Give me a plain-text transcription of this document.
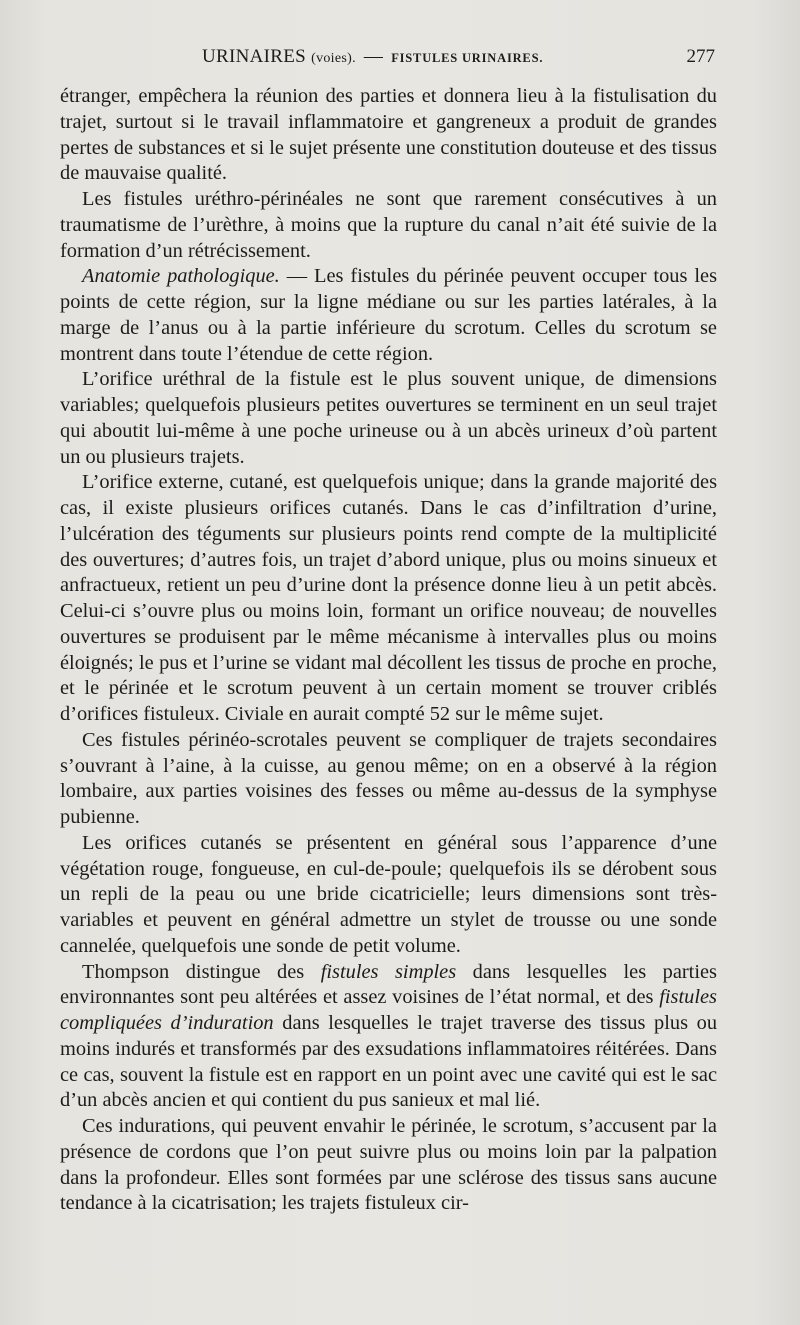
URINAIRES (voies). — FISTULES URINAIRES.	277

étranger, empêchera la réunion des parties et donnera lieu à la fistulisation du trajet, surtout si le travail inflammatoire et gangreneux a produit de grandes pertes de substances et si le sujet présente une constitution douteuse et des tissus de mauvaise qualité.

Les fistules uréthro-périnéales ne sont que rarement consécutives à un traumatisme de l’urèthre, à moins que la rupture du canal n’ait été suivie de la formation d’un rétrécissement.

Anatomie pathologique. — Les fistules du périnée peuvent occuper tous les points de cette région, sur la ligne médiane ou sur les parties latérales, à la marge de l’anus ou à la partie inférieure du scrotum. Celles du scrotum se montrent dans toute l’étendue de cette région.

L’orifice uréthral de la fistule est le plus souvent unique, de dimensions variables; quelquefois plusieurs petites ouvertures se terminent en un seul trajet qui aboutit lui-même à une poche urineuse ou à un abcès urineux d’où partent un ou plusieurs trajets.

L’orifice externe, cutané, est quelquefois unique; dans la grande majorité des cas, il existe plusieurs orifices cutanés. Dans le cas d’infiltration d’urine, l’ulcération des téguments sur plusieurs points rend compte de la multiplicité des ouvertures; d’autres fois, un trajet d’abord unique, plus ou moins sinueux et anfractueux, retient un peu d’urine dont la présence donne lieu à un petit abcès. Celui-ci s’ouvre plus ou moins loin, formant un orifice nouveau; de nouvelles ouvertures se produisent par le même mécanisme à intervalles plus ou moins éloignés; le pus et l’urine se vidant mal décollent les tissus de proche en proche, et le périnée et le scrotum peuvent à un certain moment se trouver criblés d’orifices fistuleux. Civiale en aurait compté 52 sur le même sujet.

Ces fistules périnéo-scrotales peuvent se compliquer de trajets secondaires s’ouvrant à l’aine, à la cuisse, au genou même; on en a observé à la région lombaire, aux parties voisines des fesses ou même au-dessus de la symphyse pubienne.

Les orifices cutanés se présentent en général sous l’apparence d’une végétation rouge, fongueuse, en cul-de-poule; quelquefois ils se dérobent sous un repli de la peau ou une bride cicatricielle; leurs dimensions sont très-variables et peuvent en général admettre un stylet de trousse ou une sonde cannelée, quelquefois une sonde de petit volume.

Thompson distingue des fistules simples dans lesquelles les parties environnantes sont peu altérées et assez voisines de l’état normal, et des fistules compliquées d’induration dans lesquelles le trajet traverse des tissus plus ou moins indurés et transformés par des exsudations inflammatoires réitérées. Dans ce cas, souvent la fistule est en rapport en un point avec une cavité qui est le sac d’un abcès ancien et qui contient du pus sanieux et mal lié.

Ces indurations, qui peuvent envahir le périnée, le scrotum, s’accusent par la présence de cordons que l’on peut suivre plus ou moins loin par la palpation dans la profondeur. Elles sont formées par une sclérose des tissus sans aucune tendance à la cicatrisation; les trajets fistuleux cir-
